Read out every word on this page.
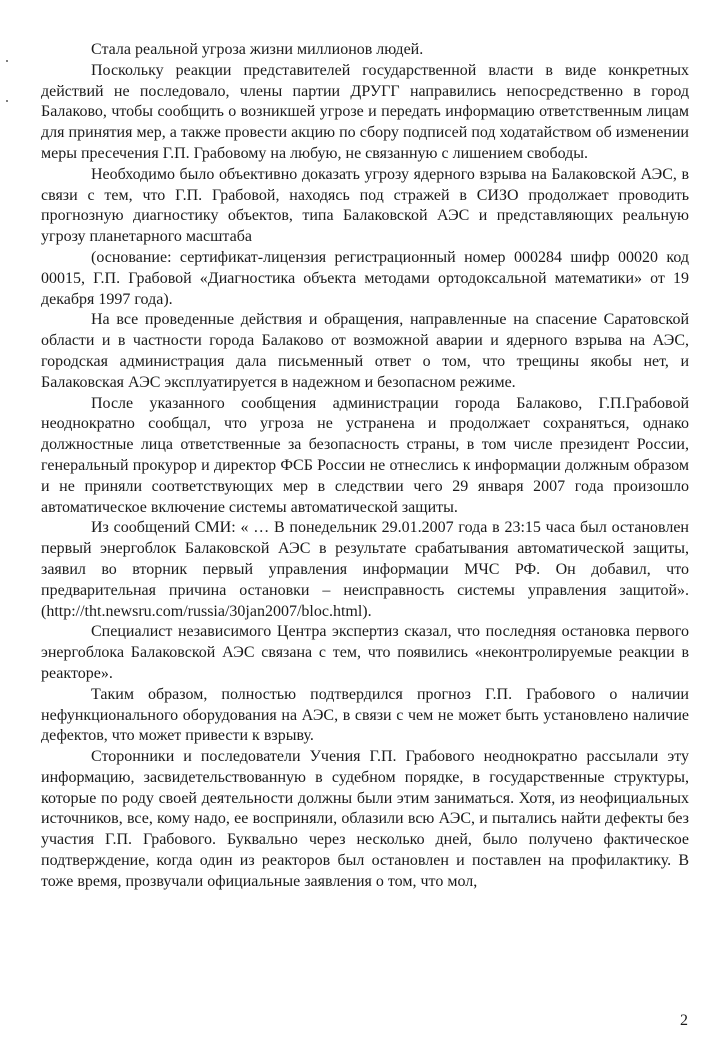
Стала реальной угроза жизни миллионов людей.

Поскольку реакции представителей государственной власти в виде конкретных действий не последовало, члены партии ДРУГГ направились непосредственно в город Балаково, чтобы сообщить о возникшей угрозе и передать информацию ответственным лицам для принятия мер, а также провести акцию по сбору подписей под ходатайством об изменении меры пресечения Г.П. Грабовому на любую, не связанную с лишением свободы.

Необходимо было объективно доказать угрозу ядерного взрыва на Балаковской АЭС, в связи с тем, что Г.П. Грабовой, находясь под стражей в СИЗО продолжает проводить прогнозную диагностику объектов, типа Балаковской АЭС и представляющих реальную угрозу планетарного масштаба

(основание: сертификат-лицензия регистрационный номер 000284 шифр 00020 код 00015, Г.П. Грабовой «Диагностика объекта методами ортодоксальной математики» от 19 декабря 1997 года).

На все проведенные действия и обращения, направленные на спасение Саратовской области и в частности города Балаково от возможной аварии и ядерного взрыва на АЭС, городская администрация дала письменный ответ о том, что трещины якобы нет, и Балаковская АЭС эксплуатируется в надежном и безопасном режиме.

После указанного сообщения администрации города Балаково, Г.П.Грабовой неоднократно сообщал, что угроза не устранена и продолжает сохраняться, однако должностные лица ответственные за безопасность страны, в том числе президент России, генеральный прокурор и директор ФСБ России не отнеслись к информации должным образом и не приняли соответствующих мер в следствии чего 29 января 2007 года произошло автоматическое включение системы автоматической защиты.

Из сообщений СМИ: « … В понедельник 29.01.2007 года в 23:15 часа был остановлен первый энергоблок Балаковской АЭС в результате срабатывания автоматической защиты, заявил во вторник первый управления информации МЧС РФ. Он добавил, что предварительная причина остановки – неисправность системы управления защитой». (http://tht.newsru.com/russia/30jan2007/bloc.html).

Специалист независимого Центра экспертиз сказал, что последняя остановка первого энергоблока Балаковской АЭС связана с тем, что появились «неконтролируемые реакции в реакторе».

Таким образом, полностью подтвердился прогноз Г.П. Грабового о наличии нефункционального оборудования на АЭС, в связи с чем не может быть установлено наличие дефектов, что может привести к взрыву.

Сторонники и последователи Учения Г.П. Грабового неоднократно рассылали эту информацию, засвидетельствованную в судебном порядке, в государственные структуры, которые по роду своей деятельности должны были этим заниматься. Хотя, из неофициальных источников, все, кому надо, ее восприняли, облазили всю АЭС, и пытались найти дефекты без участия Г.П. Грабового. Буквально через несколько дней, было получено фактическое подтверждение, когда один из реакторов был остановлен и поставлен на профилактику. В тоже время, прозвучали официальные заявления о том, что мол,

2
